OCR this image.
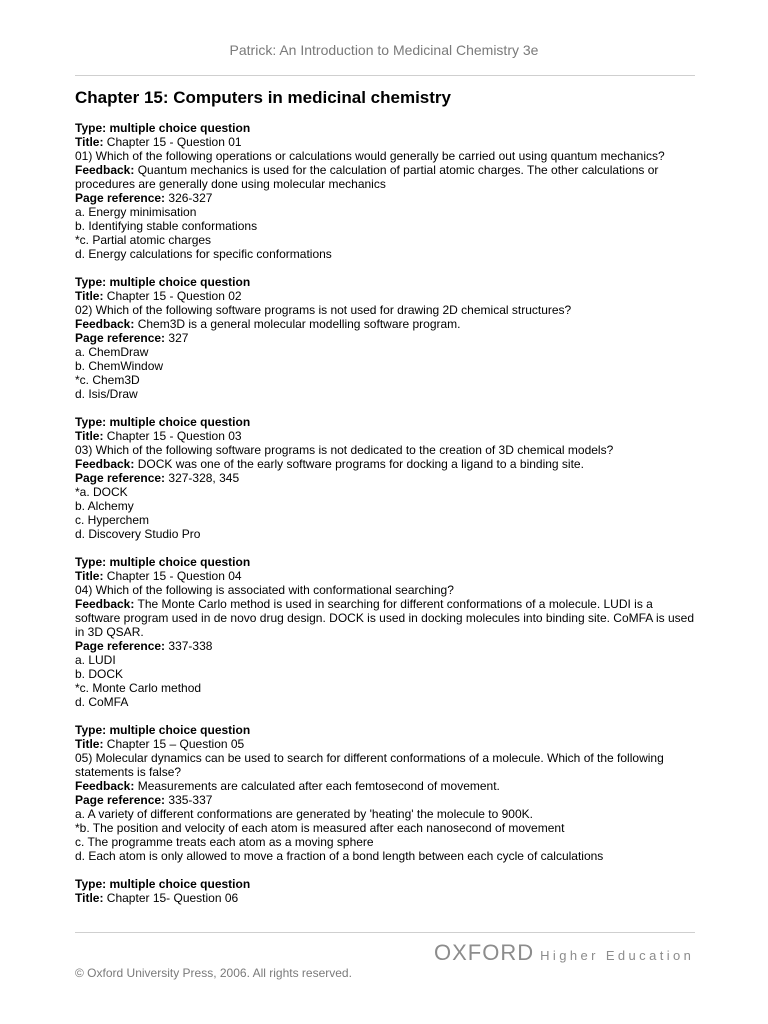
Patrick: An Introduction to Medicinal Chemistry 3e
Chapter 15: Computers in medicinal chemistry
Type: multiple choice question
Title: Chapter 15 - Question 01
01) Which of the following operations or calculations would generally be carried out using quantum mechanics?
Feedback: Quantum mechanics is used for the calculation of partial atomic charges. The other calculations or procedures are generally done using molecular mechanics
Page reference: 326-327
a. Energy minimisation
b. Identifying stable conformations
*c. Partial atomic charges
d. Energy calculations for specific conformations
Type: multiple choice question
Title: Chapter 15 - Question 02
02) Which of the following software programs is not used for drawing 2D chemical structures?
Feedback: Chem3D is a general molecular modelling software program.
Page reference: 327
a. ChemDraw
b. ChemWindow
*c. Chem3D
d. Isis/Draw
Type: multiple choice question
Title: Chapter 15 - Question 03
03) Which of the following software programs is not dedicated to the creation of 3D chemical models?
Feedback: DOCK was one of the early software programs for docking a ligand to a binding site.
Page reference: 327-328, 345
*a. DOCK
b. Alchemy
c. Hyperchem
d. Discovery Studio Pro
Type: multiple choice question
Title: Chapter 15 - Question 04
04) Which of the following is associated with conformational searching?
Feedback: The Monte Carlo method is used in searching for different conformations of a molecule. LUDI is a software program used in de novo drug design. DOCK is used in docking molecules into binding site. CoMFA is used in 3D QSAR.
Page reference: 337-338
a. LUDI
b. DOCK
*c. Monte Carlo method
d. CoMFA
Type: multiple choice question
Title: Chapter 15 – Question 05
05) Molecular dynamics can be used to search for different conformations of a molecule. Which of the following statements is false?
Feedback: Measurements are calculated after each femtosecond of movement.
Page reference: 335-337
a. A variety of different conformations are generated by 'heating' the molecule to 900K.
*b. The position and velocity of each atom is measured after each nanosecond of movement
c. The programme treats each atom as a moving sphere
d. Each atom is only allowed to move a fraction of a bond length between each cycle of calculations
Type: multiple choice question
Title: Chapter 15- Question 06
OXFORD Higher Education
© Oxford University Press, 2006. All rights reserved.
